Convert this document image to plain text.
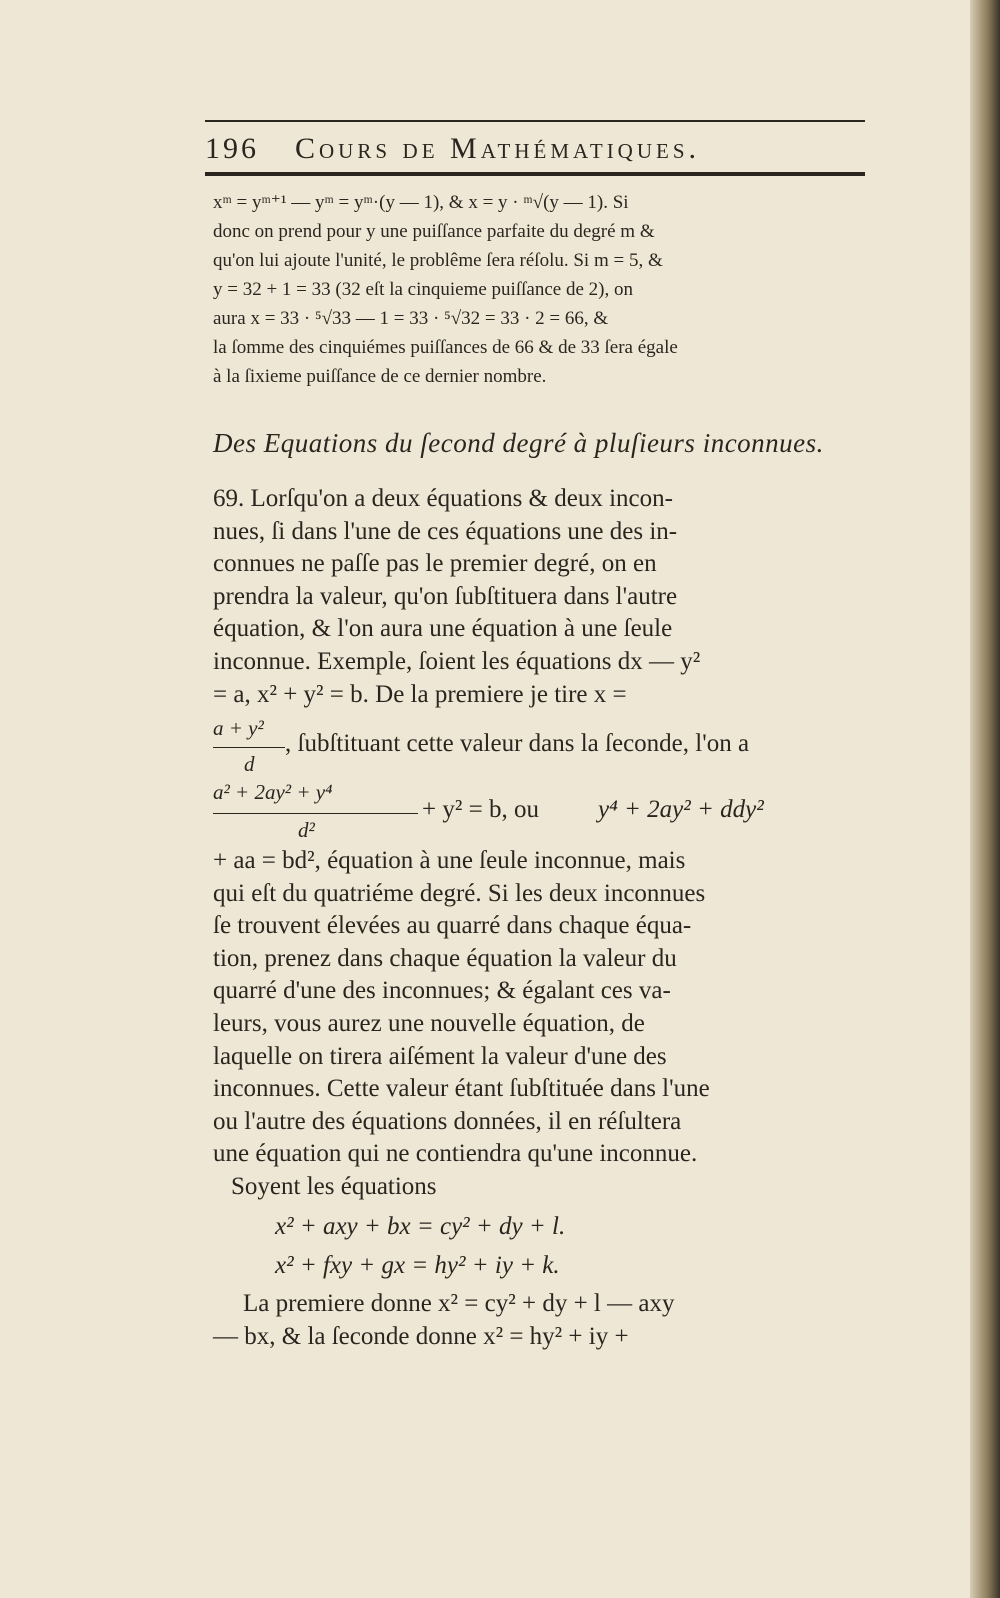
196 Cours de Mathématiques.
xᵐ = yᵐ⁺¹ — yᵐ = yᵐ·(y — 1), & x = y · ᵐ√(y — 1). Si
donc on prend pour y une puiſſance parfaite du degré m &
qu'on lui ajoute l'unité, le problême ſera réſolu. Si m = 5, &
y = 32 + 1 = 33 (32 eſt la cinquieme puiſſance de 2), on
aura x = 33 · ⁵√33 — 1 = 33 · ⁵√32 = 33 · 2 = 66, &
la ſomme des cinquiémes puiſſances de 66 & de 33 ſera égale
à la ſixieme puiſſance de ce dernier nombre.
Des Equations du ſecond degré à pluſieurs inconnues.
69. Lorſqu'on a deux équations & deux incon-
nues, ſi dans l'une de ces équations une des in-
connues ne paſſe pas le premier degré, on en
prendra la valeur, qu'on ſubſtituera dans l'autre
équation, & l'on aura une équation à une ſeule
inconnue. Exemple, ſoient les équations dx — y²
= a, x² + y² = b. De la premiere je tire x =
a + y²
d
, ſubſtituant cette valeur dans la ſeconde, l'on a
a² + 2ay² + y⁴
d²
+ y² = b, ou y⁴ + 2ay² + ddy²
+ aa = bd², équation à une ſeule inconnue, mais
qui eſt du quatriéme degré. Si les deux inconnues
ſe trouvent élevées au quarré dans chaque équa-
tion, prenez dans chaque équation la valeur du
quarré d'une des inconnues; & égalant ces va-
leurs, vous aurez une nouvelle équation, de
laquelle on tirera aiſément la valeur d'une des
inconnues. Cette valeur étant ſubſtituée dans l'une
ou l'autre des équations données, il en réſultera
une équation qui ne contiendra qu'une inconnue.
Soyent les équations
x² + axy + bx = cy² + dy + l.
x² + fxy + gx = hy² + iy + k.
La premiere donne x² = cy² + dy + l — axy
— bx, & la ſeconde donne x² = hy² + iy +
